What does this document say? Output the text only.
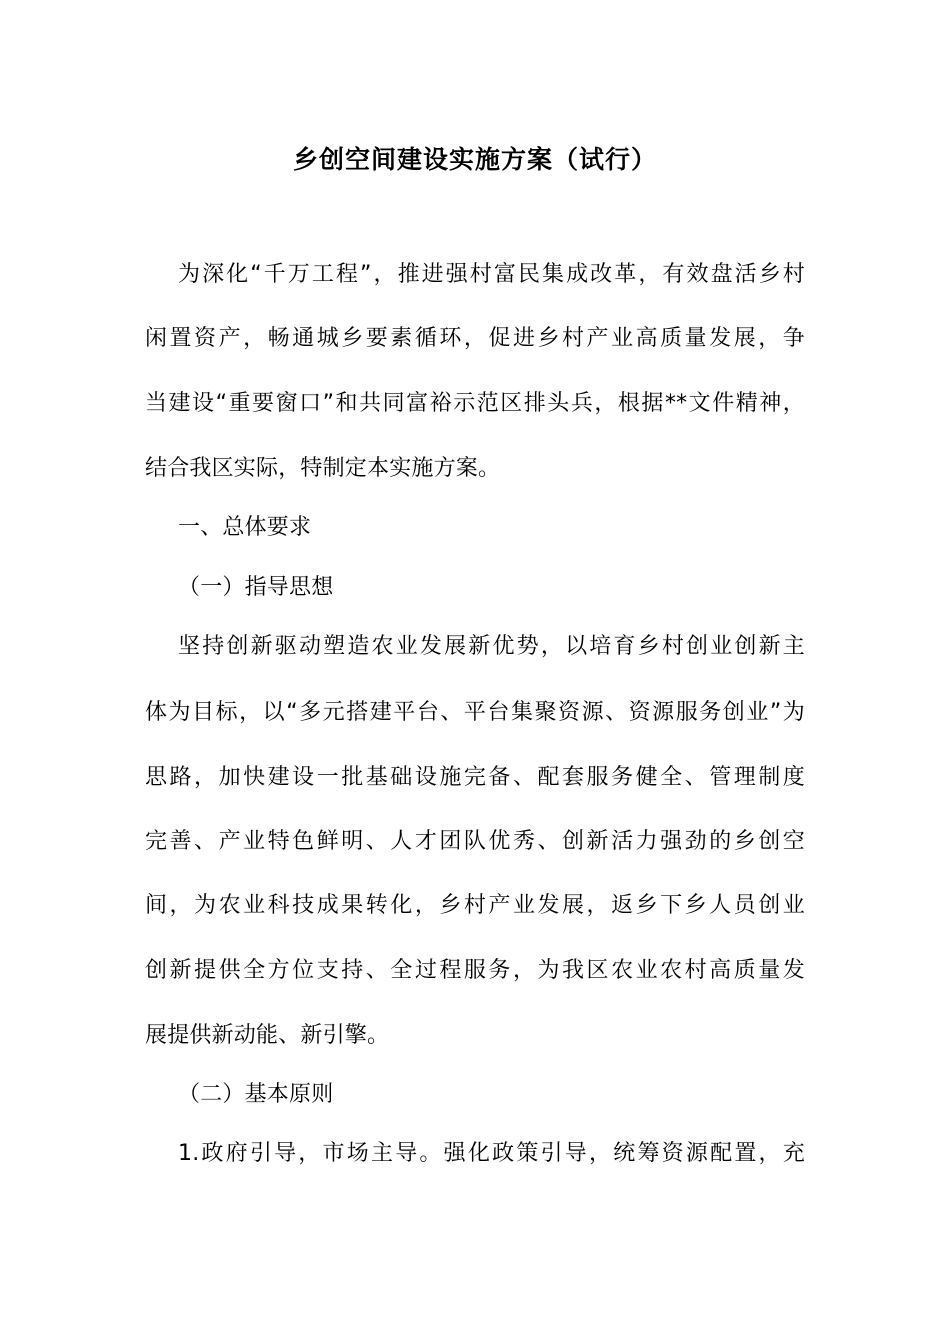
乡创空间建设实施方案（试行）
为深化“千万工程”，推进强村富民集成改革，有效盘活乡村
闲置资产，畅通城乡要素循环，促进乡村产业高质量发展，争
当建设“重要窗口”和共同富裕示范区排头兵，根据**文件精神，
结合我区实际，特制定本实施方案。
一、总体要求
（一）指导思想
坚持创新驱动塑造农业发展新优势，以培育乡村创业创新主
体为目标，以“多元搭建平台、平台集聚资源、资源服务创业”为
思路，加快建设一批基础设施完备、配套服务健全、管理制度
完善、产业特色鲜明、人才团队优秀、创新活力强劲的乡创空
间，为农业科技成果转化，乡村产业发展，返乡下乡人员创业
创新提供全方位支持、全过程服务，为我区农业农村高质量发
展提供新动能、新引擎。
（二）基本原则
1.政府引导，市场主导。强化政策引导，统筹资源配置，充
